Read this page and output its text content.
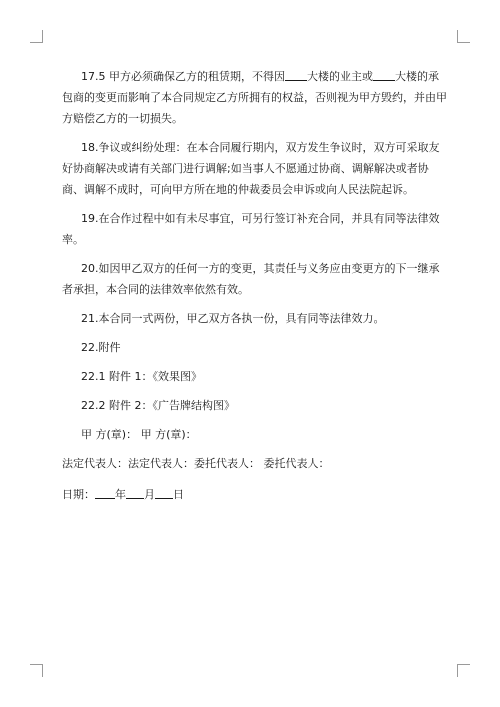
17.5 甲方必须确保乙方的租赁期，不得因 大楼的业主或 大楼的承包商的变更而影响了本合同规定乙方所拥有的权益，否则视为甲方毁约，并由甲方赔偿乙方的一切损失。

18.争议或纠纷处理：在本合同履行期内，双方发生争议时，双方可采取友好协商解决或请有关部门进行调解;如当事人不愿通过协商、调解解决或者协商、调解不成时，可向甲方所在地的仲裁委员会申诉或向人民法院起诉。

19.在合作过程中如有未尽事宜，可另行签订补充合同，并具有同等法律效率。

20.如因甲乙双方的任何一方的变更，其责任与义务应由变更方的下一继承者承担，本合同的法律效率依然有效。

21.本合同一式两份，甲乙双方各执一份，具有同等法律效力。

22.附件

22.1 附件 1：《效果图》

22.2 附件 2：《广告牌结构图》

甲 方(章)： 甲 方(章)：

法定代表人：法定代表人：委托代表人： 委托代表人：

日期： 年 月 日
